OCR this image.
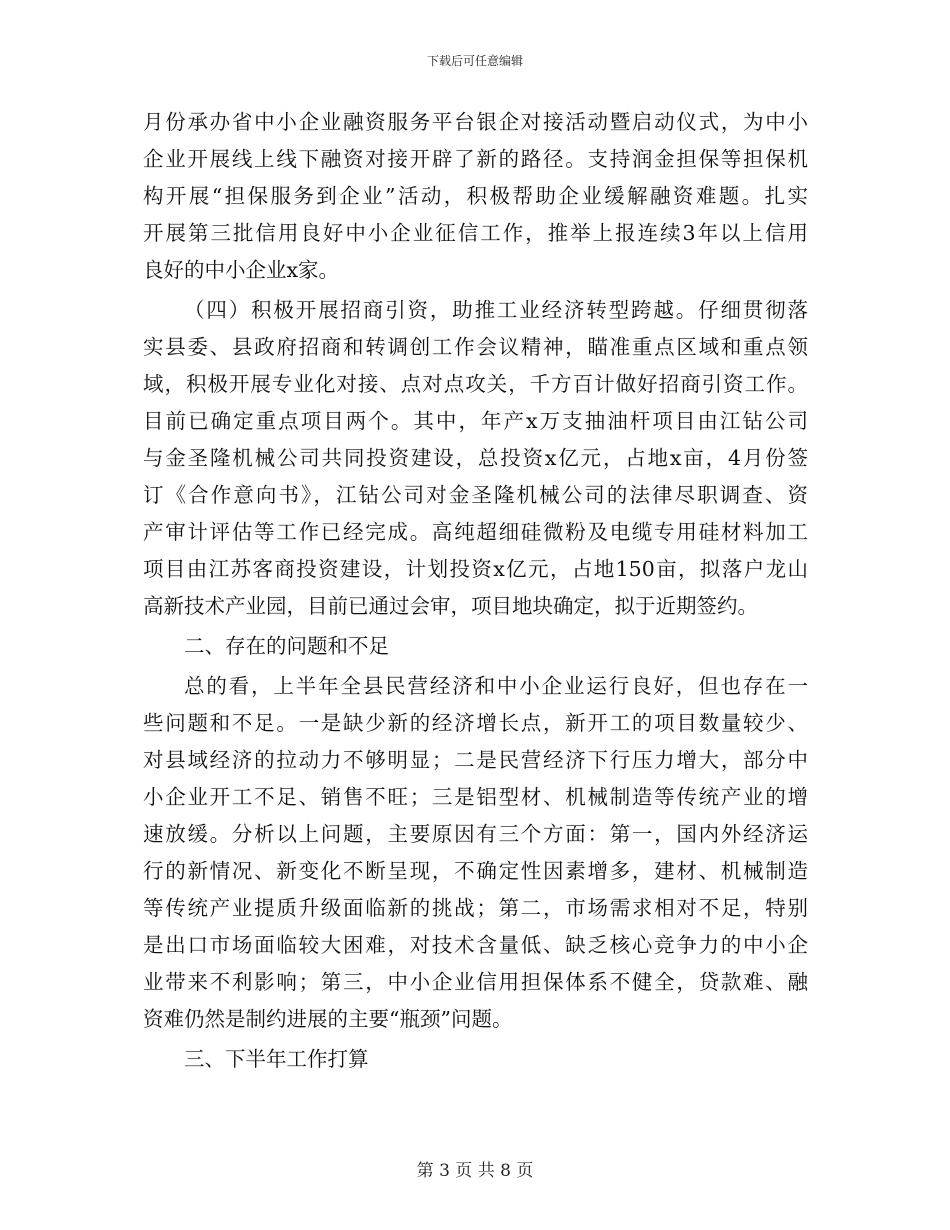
下载后可任意编辑
月份承办省中小企业融资服务平台银企对接活动暨启动仪式，为中小
企业开展线上线下融资对接开辟了新的路径。支持润金担保等担保机
构开展“担保服务到企业”活动，积极帮助企业缓解融资难题。扎实
开展第三批信用良好中小企业征信工作，推举上报连续3年以上信用
良好的中小企业x家。
（四）积极开展招商引资，助推工业经济转型跨越。仔细贯彻落
实县委、县政府招商和转调创工作会议精神，瞄准重点区域和重点领
域，积极开展专业化对接、点对点攻关，千方百计做好招商引资工作。
目前已确定重点项目两个。其中，年产x万支抽油杆项目由江钻公司
与金圣隆机械公司共同投资建设，总投资x亿元，占地x亩，4月份签
订《合作意向书》，江钻公司对金圣隆机械公司的法律尽职调查、资
产审计评估等工作已经完成。高纯超细硅微粉及电缆专用硅材料加工
项目由江苏客商投资建设，计划投资x亿元，占地150亩，拟落户龙山
高新技术产业园，目前已通过会审，项目地块确定，拟于近期签约。
二、存在的问题和不足
总的看，上半年全县民营经济和中小企业运行良好，但也存在一
些问题和不足。一是缺少新的经济增长点，新开工的项目数量较少、
对县域经济的拉动力不够明显；二是民营经济下行压力增大，部分中
小企业开工不足、销售不旺；三是铝型材、机械制造等传统产业的增
速放缓。分析以上问题，主要原因有三个方面：第一，国内外经济运
行的新情况、新变化不断呈现，不确定性因素增多，建材、机械制造
等传统产业提质升级面临新的挑战；第二，市场需求相对不足，特别
是出口市场面临较大困难，对技术含量低、缺乏核心竞争力的中小企
业带来不利影响；第三，中小企业信用担保体系不健全，贷款难、融
资难仍然是制约进展的主要“瓶颈”问题。
三、下半年工作打算
第 3 页 共 8 页
